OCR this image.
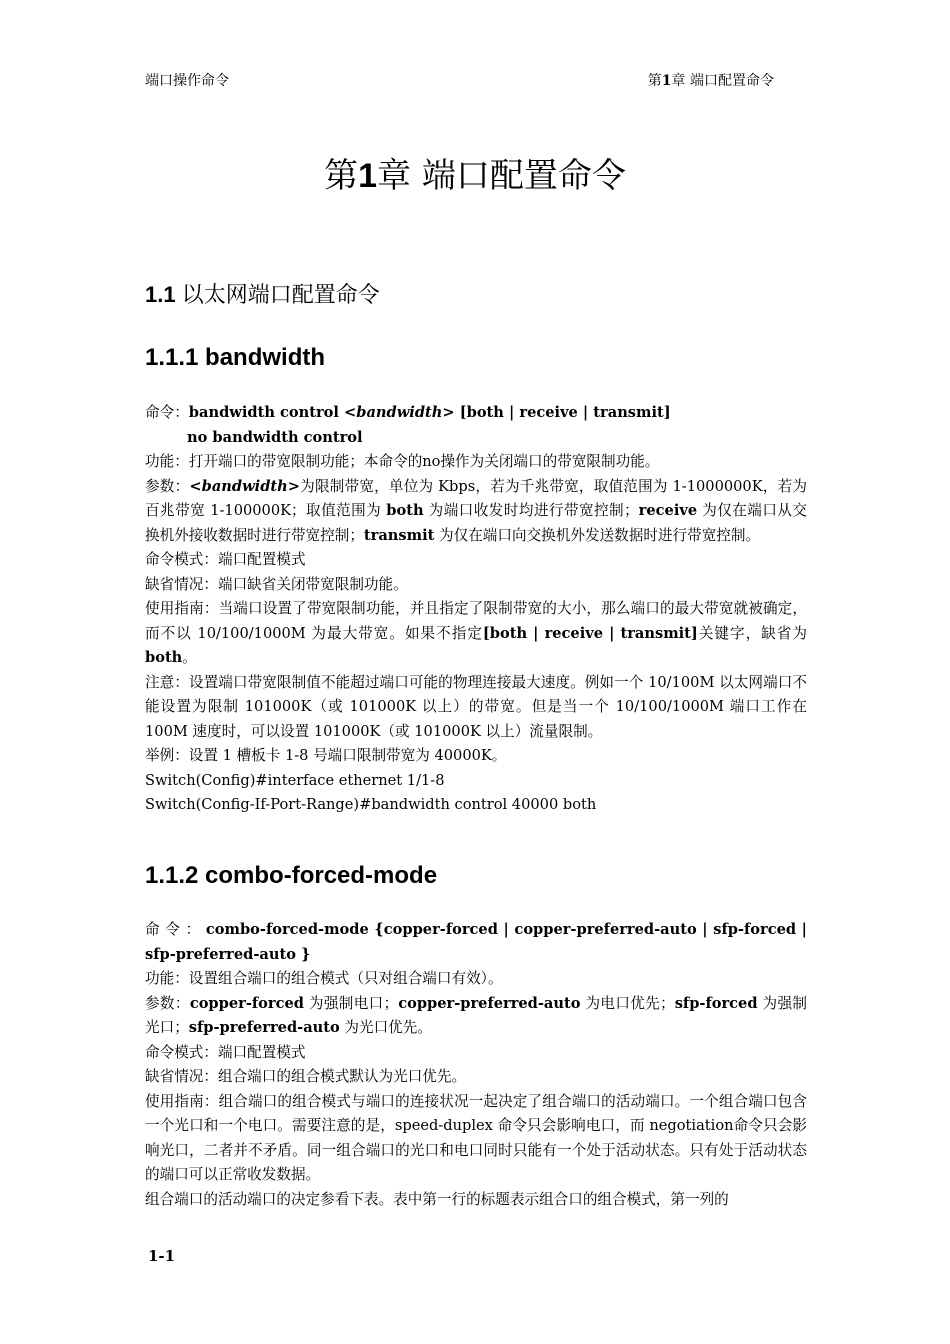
端口操作命令	第1章 端口配置命令
第1章 端口配置命令
1.1 以太网端口配置命令
1.1.1 bandwidth
命令：bandwidth control <bandwidth> [both | receive | transmit]
no bandwidth control
功能：打开端口的带宽限制功能；本命令的no操作为关闭端口的带宽限制功能。
参数：<bandwidth>为限制带宽，单位为 Kbps，若为千兆带宽，取值范围为 1-1000000K，若为百兆带宽 1-100000K；取值范围为 both 为端口收发时均进行带宽控制；receive 为仅在端口从交换机外接收数据时进行带宽控制；transmit 为仅在端口向交换机外发送数据时进行带宽控制。
命令模式：端口配置模式
缺省情况：端口缺省关闭带宽限制功能。
使用指南：当端口设置了带宽限制功能，并且指定了限制带宽的大小，那么端口的最大带宽就被确定，而不以 10/100/1000M 为最大带宽。如果不指定[both | receive | transmit]关键字，缺省为 both。
注意：设置端口带宽限制值不能超过端口可能的物理连接最大速度。例如一个 10/100M 以太网端口不能设置为限制 101000K（或 101000K 以上）的带宽。但是当一个 10/100/1000M 端口工作在 100M 速度时，可以设置 101000K（或 101000K 以上）流量限制。
举例：设置 1 槽板卡 1-8 号端口限制带宽为 40000K。
Switch(Config)#interface ethernet 1/1-8
Switch(Config-If-Port-Range)#bandwidth control 40000 both
1.1.2 combo-forced-mode
命 令 ： combo-forced-mode {copper-forced | copper-preferred-auto | sfp-forced | sfp-preferred-auto }
功能：设置组合端口的组合模式（只对组合端口有效）。
参数：copper-forced 为强制电口；copper-preferred-auto 为电口优先；sfp-forced 为强制光口；sfp-preferred-auto 为光口优先。
命令模式：端口配置模式
缺省情况：组合端口的组合模式默认为光口优先。
使用指南：组合端口的组合模式与端口的连接状况一起决定了组合端口的活动端口。一个组合端口包含一个光口和一个电口。需要注意的是，speed-duplex 命令只会影响电口，而 negotiation命令只会影响光口，二者并不矛盾。同一组合端口的光口和电口同时只能有一个处于活动状态。只有处于活动状态的端口可以正常收发数据。
组合端口的活动端口的决定参看下表。表中第一行的标题表示组合口的组合模式，第一列的
1-1
